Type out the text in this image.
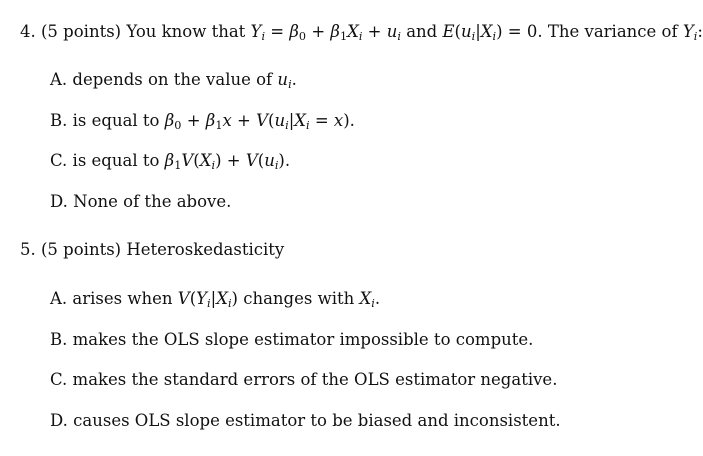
4. (5 points) You know that $Y_i = \beta_0 + \beta_1X_i + u_i$ and $E(u_i|X_i) = 0$. The variance of $Y_i$:
A. depends on the value of $u_i$.
B. is equal to $\beta_0 + \beta_1x + V(u_i|X_i = x)$.
C. is equal to $\beta_1V(X_i) + V(u_i)$.
D. None of the above.
5. (5 points) Heteroskedasticity
A. arises when $V(Y_i|X_i)$ changes with $X_i$.
B. makes the OLS slope estimator impossible to compute.
C. makes the standard errors of the OLS estimator negative.
D. causes OLS slope estimator to be biased and inconsistent.
